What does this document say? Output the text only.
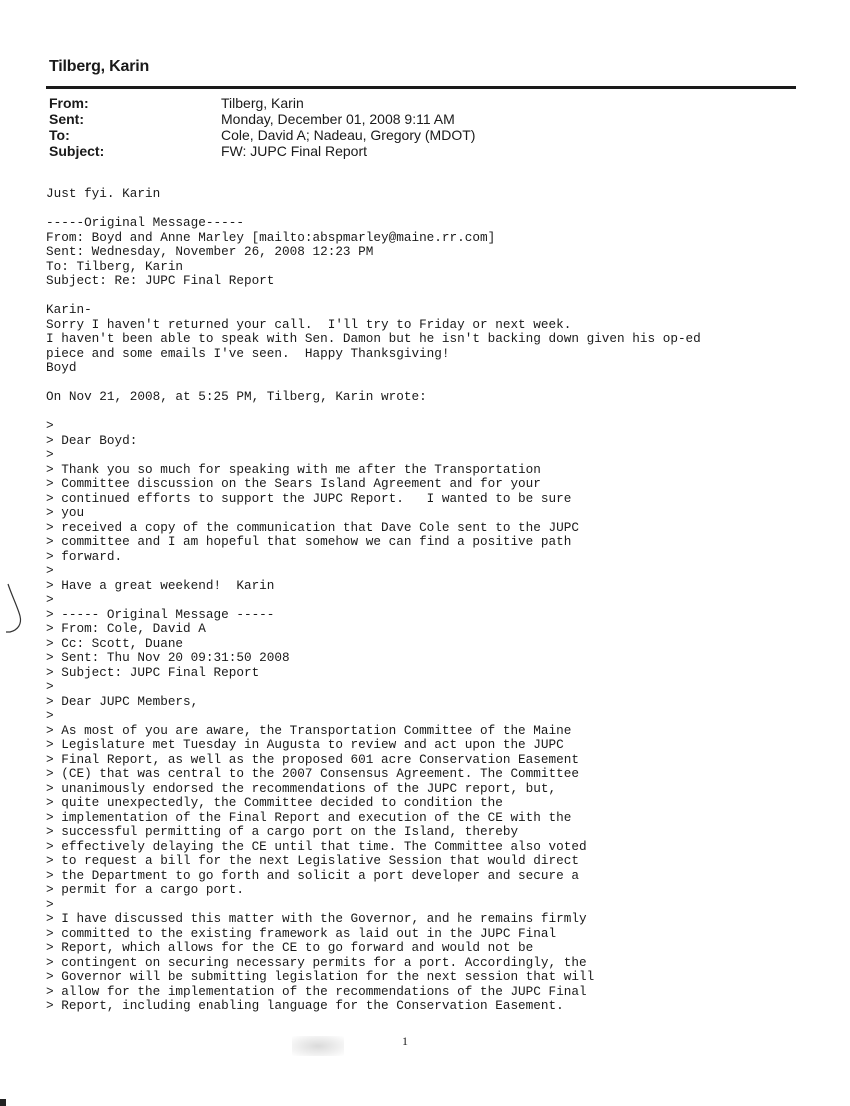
Tilberg, Karin
From:	Tilberg, Karin
Sent:	Monday, December 01, 2008 9:11 AM
To:	Cole, David A; Nadeau, Gregory (MDOT)
Subject:	FW: JUPC Final Report
Just fyi. Karin
-----Original Message-----
From: Boyd and Anne Marley [mailto:abspmarley@maine.rr.com]
Sent: Wednesday, November 26, 2008 12:23 PM
To: Tilberg, Karin
Subject: Re: JUPC Final Report
Karin-
Sorry I haven't returned your call.  I'll try to Friday or next week.
I haven't been able to speak with Sen. Damon but he isn't backing down given his op-ed
piece and some emails I've seen.  Happy Thanksgiving!
Boyd
On Nov 21, 2008, at 5:25 PM, Tilberg, Karin wrote:
>
> Dear Boyd:
>
> Thank you so much for speaking with me after the Transportation
> Committee discussion on the Sears Island Agreement and for your
> continued efforts to support the JUPC Report.   I wanted to be sure
> you
> received a copy of the communication that Dave Cole sent to the JUPC
> committee and I am hopeful that somehow we can find a positive path
> forward.
>
> Have a great weekend!  Karin
>
> ----- Original Message -----
> From: Cole, David A
> Cc: Scott, Duane
> Sent: Thu Nov 20 09:31:50 2008
> Subject: JUPC Final Report
>
> Dear JUPC Members,
>
> As most of you are aware, the Transportation Committee of the Maine
> Legislature met Tuesday in Augusta to review and act upon the JUPC
> Final Report, as well as the proposed 601 acre Conservation Easement
> (CE) that was central to the 2007 Consensus Agreement. The Committee
> unanimously endorsed the recommendations of the JUPC report, but,
> quite unexpectedly, the Committee decided to condition the
> implementation of the Final Report and execution of the CE with the
> successful permitting of a cargo port on the Island, thereby
> effectively delaying the CE until that time. The Committee also voted
> to request a bill for the next Legislative Session that would direct
> the Department to go forth and solicit a port developer and secure a
> permit for a cargo port.
>
> I have discussed this matter with the Governor, and he remains firmly
> committed to the existing framework as laid out in the JUPC Final
> Report, which allows for the CE to go forward and would not be
> contingent on securing necessary permits for a port. Accordingly, the
> Governor will be submitting legislation for the next session that will
> allow for the implementation of the recommendations of the JUPC Final
> Report, including enabling language for the Conservation Easement.
1
